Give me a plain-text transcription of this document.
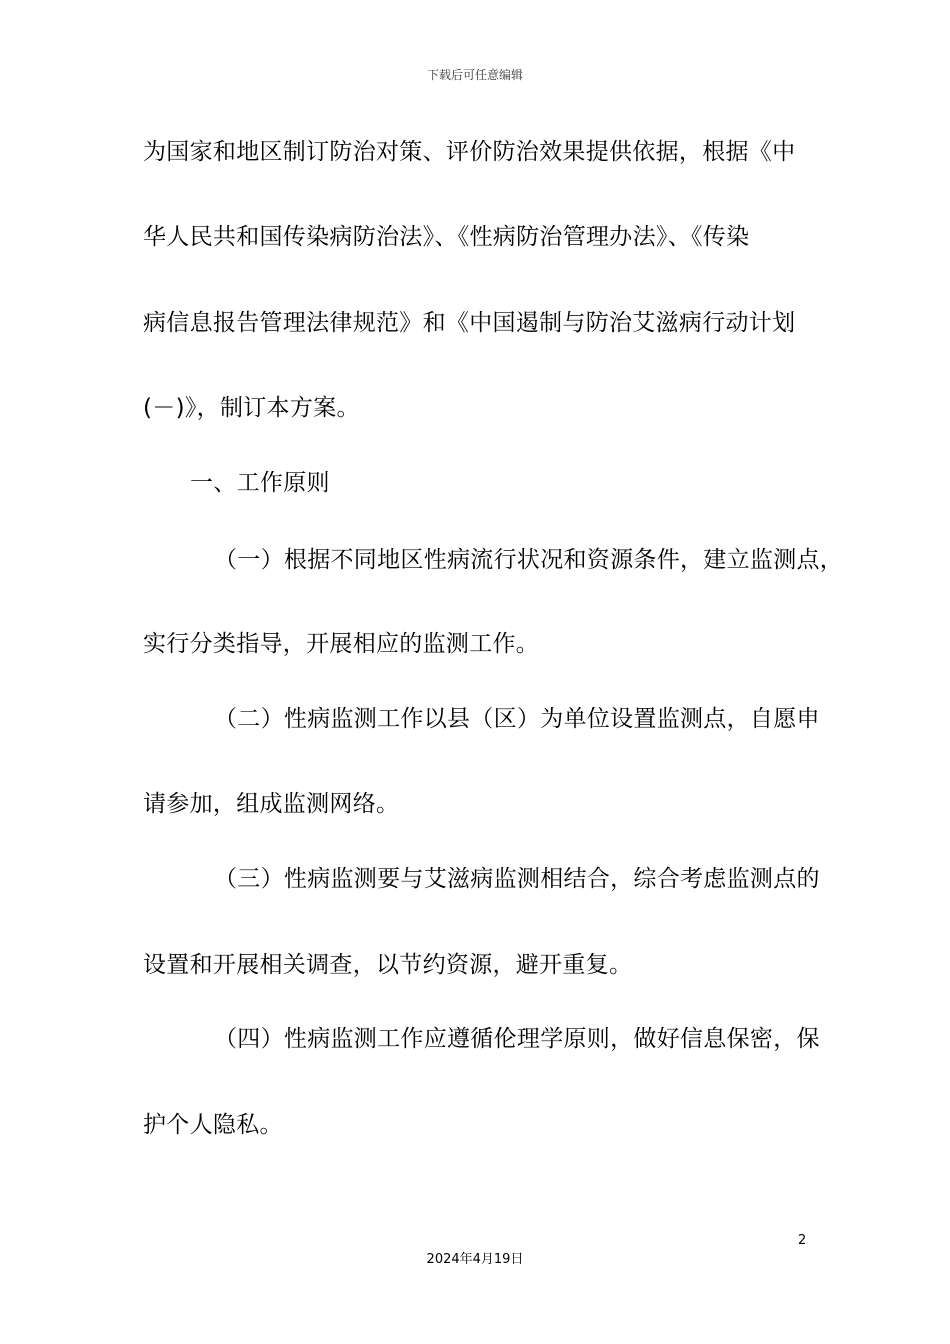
下载后可任意编辑
为国家和地区制订防治对策、评价防治效果提供依据，根据《中
华人民共和国传染病防治法》、《性病防治管理办法》、《传染
病信息报告管理法律规范》和《中国遏制与防治艾滋病行动计划
(－)》，制订本方案。
一、工作原则
（一）根据不同地区性病流行状况和资源条件，建立监测点，
实行分类指导，开展相应的监测工作。
（二）性病监测工作以县（区）为单位设置监测点，自愿申
请参加，组成监测网络。
（三）性病监测要与艾滋病监测相结合，综合考虑监测点的
设置和开展相关调查，以节约资源，避开重复。
（四）性病监测工作应遵循伦理学原则，做好信息保密，保
护个人隐私。
2
2024年4月19日
